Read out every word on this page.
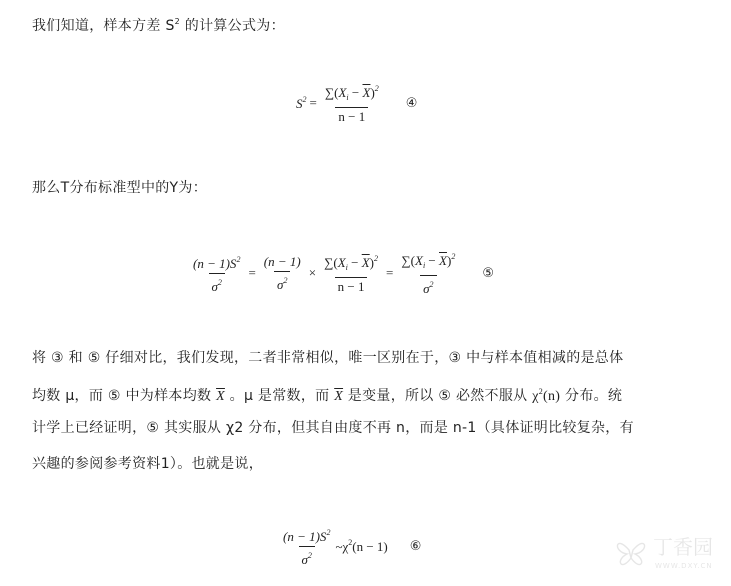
我们知道，样本方差 $S^2$ 的计算公式为：

$S^2 = \frac{\sum(X_i - \overline{X})^2}{n - 1}$ ④

那么T分布标准型中的Y为：

$\frac{(n - 1)S^2}{\sigma^2} = \frac{(n - 1)}{\sigma^2} \times \frac{\sum(X_i - \overline{X})^2}{n - 1} = \frac{\sum(X_i - \overline{X})^2}{\sigma^2}$ ⑤

将 ③ 和 ⑤ 仔细对比，我们发现，二者非常相似，唯一区别在于，③ 中与样本值相减的是总体

均数 μ，而 ⑤ 中为样本均数 $\overline{X}$ 。μ 是常数，而 $\overline{X}$ 是变量，所以 ⑤ 必然不服从 $\chi^2(n)$ 分布。统

计学上已经证明，⑤ 其实服从 χ2 分布，但其自由度不再 n，而是 n-1（具体证明比较复杂，有

兴趣的参阅参考资料1）。也就是说，

$\frac{(n - 1)S^2}{\sigma^2}$ ~ $\chi^2(n - 1)$ ⑥	丁香园
WWW.DXY.CN
